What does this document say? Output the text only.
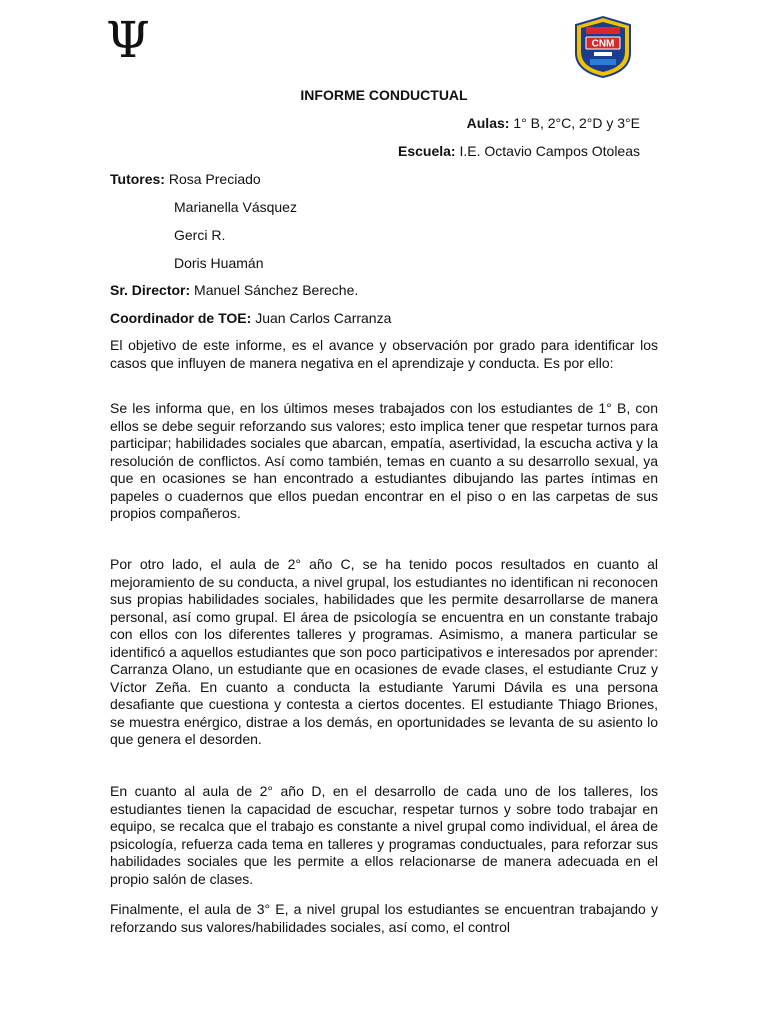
Ψ	CNM
INFORME CONDUCTUAL
Aulas: 1° B, 2°C, 2°D y 3°E
Escuela: I.E. Octavio Campos Otoleas
Tutores: Rosa Preciado
Marianella Vásquez
Gerci R.
Doris Huamán
Sr. Director: Manuel Sánchez Bereche.
Coordinador de TOE: Juan Carlos Carranza

El objetivo de este informe, es el avance y observación por grado para identificar los casos que influyen de manera negativa en el aprendizaje y conducta. Es por ello:

Se les informa que, en los últimos meses trabajados con los estudiantes de 1° B, con ellos se debe seguir reforzando sus valores; esto implica tener que respetar turnos para participar; habilidades sociales que abarcan, empatía, asertividad, la escucha activa y la resolución de conflictos. Así como también, temas en cuanto a su desarrollo sexual, ya que en ocasiones se han encontrado a estudiantes dibujando las partes íntimas en papeles o cuadernos que ellos puedan encontrar en el piso o en las carpetas de sus propios compañeros.

Por otro lado, el aula de 2° año C, se ha tenido pocos resultados en cuanto al mejoramiento de su conducta, a nivel grupal, los estudiantes no identifican ni reconocen sus propias habilidades sociales, habilidades que les permite desarrollarse de manera personal, así como grupal. El área de psicología se encuentra en un constante trabajo con ellos con los diferentes talleres y programas. Asimismo, a manera particular se identificó a aquellos estudiantes que son poco participativos e interesados por aprender: Carranza Olano, un estudiante que en ocasiones de evade clases, el estudiante Cruz y Víctor Zeña. En cuanto a conducta la estudiante Yarumi Dávila es una persona desafiante que cuestiona y contesta a ciertos docentes. El estudiante Thiago Briones, se muestra enérgico, distrae a los demás, en oportunidades se levanta de su asiento lo que genera el desorden.

En cuanto al aula de 2° año D, en el desarrollo de cada uno de los talleres, los estudiantes tienen la capacidad de escuchar, respetar turnos y sobre todo trabajar en equipo, se recalca que el trabajo es constante a nivel grupal como individual, el área de psicología, refuerza cada tema en talleres y programas conductuales, para reforzar sus habilidades sociales que les permite a ellos relacionarse de manera adecuada en el propio salón de clases.

Finalmente, el aula de 3° E, a nivel grupal los estudiantes se encuentran trabajando y reforzando sus valores/habilidades sociales, así como, el control
